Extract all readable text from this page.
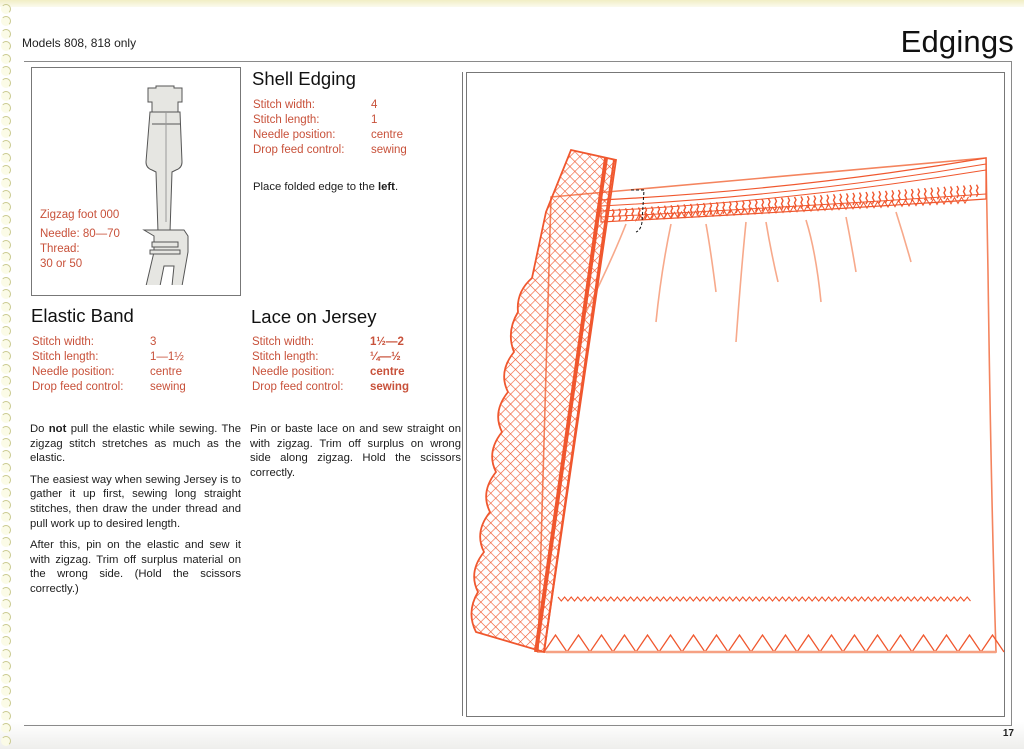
Models 808, 818 only	Edgings
Zigzag foot 000
Needle: 80—70
Thread:
30 or 50
Shell Edging
Stitch width:	4
Stitch length:	1
Needle position:	centre
Drop feed control:	sewing
Place folded edge to the left.
Elastic Band
Stitch width:	3
Stitch length:	1—1½
Needle position:	centre
Drop feed control:	sewing

Do not pull the elastic while sewing. The zigzag stitch stretches as much as the elastic.

The easiest way when sewing Jersey is to gather it up first, sewing long straight stitches, then draw the under thread and pull work up to desired length.

After this, pin on the elastic and sew it with zigzag. Trim off surplus material on the wrong side. (Hold the scissors correctly.)

Lace on Jersey
Stitch width:	1½—2
Stitch length:	¼—½
Needle position:	centre
Drop feed control:	sewing

Pin or baste lace on and sew straight on with zigzag. Trim off surplus on wrong side along zigzag. Hold the scissors correctly.

17
